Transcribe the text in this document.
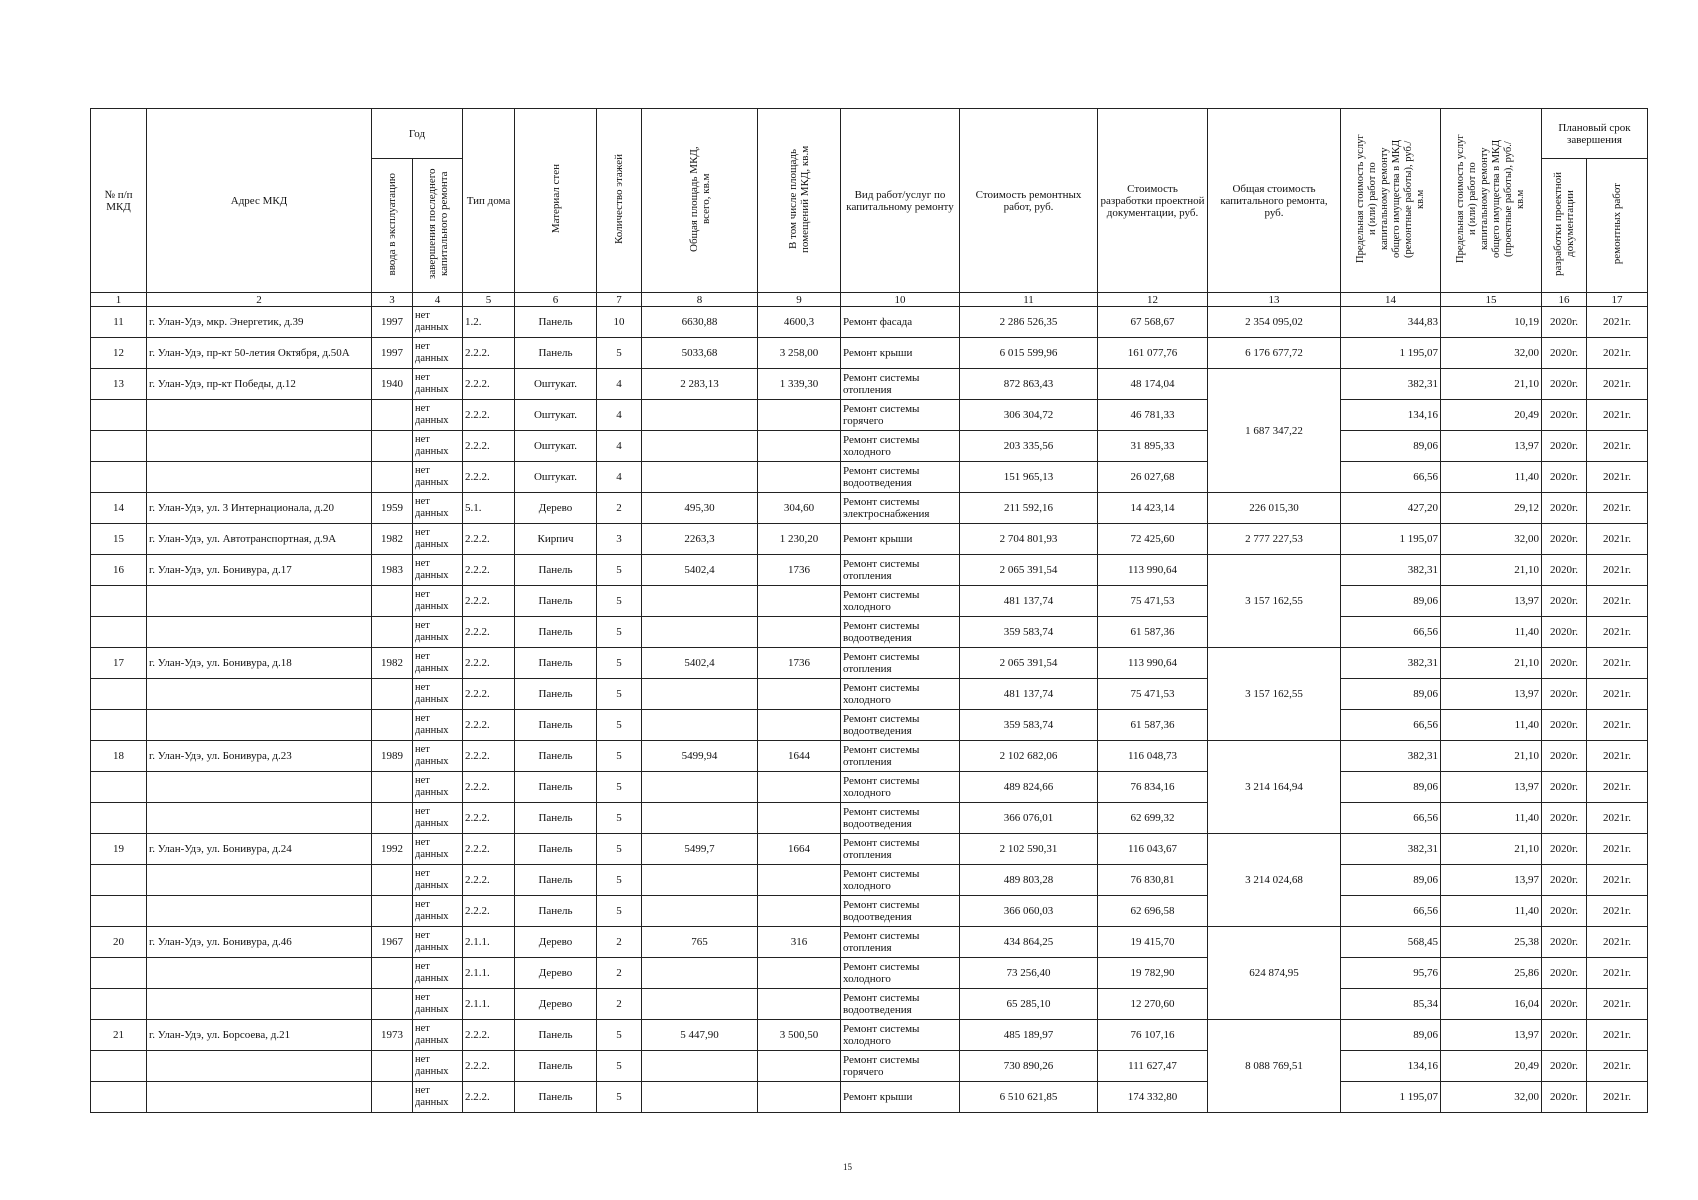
№ п/п МКД	Адрес МКД	Год		Тип дома	Материал стен	Количество этажей	Общая площадь МКД, всего, кв.м	В том числе площадь помещений МКД, кв.м	Вид работ/услуг по капитальному ремонту	Стоимость ремонтных работ, руб.	Стоимость разработки проектной документации, руб.	Общая стоимость капитального ремонта, руб.	Предельная стоимость услуг и (или) работ по капитальному ремонту общего имущества в МКД (ремонтные работы), руб./кв.м	Предельная стоимость услуг и (или) работ по капитальному ремонту общего имущества в МКД (проектные работы), руб./кв.м	Плановый срок завершения	
		ввода в эксплуатацию	завершения последнего капитального ремонта												разработки проектной документации	ремонтных работ
1	2	3	4	5	6	7	8	9	10	11	12	13	14	15	16	17
11	г. Улан-Удэ, мкр. Энергетик, д.39	1997	нет данных	1.2.	Панель	10	6630,88	4600,3	Ремонт фасада	2 286 526,35	67 568,67	2 354 095,02	344,83	10,19	2020г.	2021г.
12	г. Улан-Удэ, пр-кт 50-летия Октября, д.50А	1997	нет данных	2.2.2.	Панель	5	5033,68	3 258,00	Ремонт крыши	6 015 599,96	161 077,76	6 176 677,72	1 195,07	32,00	2020г.	2021г.
13	г. Улан-Удэ, пр-кт Победы, д.12	1940	нет данных	2.2.2.	Оштукат.	4	2 283,13	1 339,30	Ремонт системы отопления	872 863,43	48 174,04	1 687 347,22	382,31	21,10	2020г.	2021г.
			нет данных	2.2.2.	Оштукат.	4			Ремонт системы горячего	306 304,72	46 781,33		134,16	20,49	2020г.	2021г.
			нет данных	2.2.2.	Оштукат.	4			Ремонт системы холодного	203 335,56	31 895,33		89,06	13,97	2020г.	2021г.
			нет данных	2.2.2.	Оштукат.	4			Ремонт системы водоотведения	151 965,13	26 027,68		66,56	11,40	2020г.	2021г.
14	г. Улан-Удэ, ул. 3 Интернационала, д.20	1959	нет данных	5.1.	Дерево	2	495,30	304,60	Ремонт системы электроснабжения	211 592,16	14 423,14	226 015,30	427,20	29,12	2020г.	2021г.
15	г. Улан-Удэ, ул. Автотранспортная, д.9А	1982	нет данных	2.2.2.	Кирпич	3	2263,3	1 230,20	Ремонт крыши	2 704 801,93	72 425,60	2 777 227,53	1 195,07	32,00	2020г.	2021г.
16	г. Улан-Удэ, ул. Бонивура, д.17	1983	нет данных	2.2.2.	Панель	5	5402,4	1736	Ремонт системы отопления	2 065 391,54	113 990,64	3 157 162,55	382,31	21,10	2020г.	2021г.
			нет данных	2.2.2.	Панель	5			Ремонт системы холодного	481 137,74	75 471,53		89,06	13,97	2020г.	2021г.
			нет данных	2.2.2.	Панель	5			Ремонт системы водоотведения	359 583,74	61 587,36		66,56	11,40	2020г.	2021г.
17	г. Улан-Удэ, ул. Бонивура, д.18	1982	нет данных	2.2.2.	Панель	5	5402,4	1736	Ремонт системы отопления	2 065 391,54	113 990,64	3 157 162,55	382,31	21,10	2020г.	2021г.
			нет данных	2.2.2.	Панель	5			Ремонт системы холодного	481 137,74	75 471,53		89,06	13,97	2020г.	2021г.
			нет данных	2.2.2.	Панель	5			Ремонт системы водоотведения	359 583,74	61 587,36		66,56	11,40	2020г.	2021г.
18	г. Улан-Удэ, ул. Бонивура, д.23	1989	нет данных	2.2.2.	Панель	5	5499,94	1644	Ремонт системы отопления	2 102 682,06	116 048,73	3 214 164,94	382,31	21,10	2020г.	2021г.
			нет данных	2.2.2.	Панель	5			Ремонт системы холодного	489 824,66	76 834,16		89,06	13,97	2020г.	2021г.
			нет данных	2.2.2.	Панель	5			Ремонт системы водоотведения	366 076,01	62 699,32		66,56	11,40	2020г.	2021г.
19	г. Улан-Удэ, ул. Бонивура, д.24	1992	нет данных	2.2.2.	Панель	5	5499,7	1664	Ремонт системы отопления	2 102 590,31	116 043,67	3 214 024,68	382,31	21,10	2020г.	2021г.
			нет данных	2.2.2.	Панель	5			Ремонт системы холодного	489 803,28	76 830,81		89,06	13,97	2020г.	2021г.
			нет данных	2.2.2.	Панель	5			Ремонт системы водоотведения	366 060,03	62 696,58		66,56	11,40	2020г.	2021г.
20	г. Улан-Удэ, ул. Бонивура, д.46	1967	нет данных	2.1.1.	Дерево	2	765	316	Ремонт системы отопления	434 864,25	19 415,70	624 874,95	568,45	25,38	2020г.	2021г.
			нет данных	2.1.1.	Дерево	2			Ремонт системы холодного	73 256,40	19 782,90		95,76	25,86	2020г.	2021г.
			нет данных	2.1.1.	Дерево	2			Ремонт системы водоотведения	65 285,10	12 270,60		85,34	16,04	2020г.	2021г.
21	г. Улан-Удэ, ул. Борсоева, д.21	1973	нет данных	2.2.2.	Панель	5	5 447,90	3 500,50	Ремонт системы холодного	485 189,97	76 107,16	8 088 769,51	89,06	13,97	2020г.	2021г.
			нет данных	2.2.2.	Панель	5			Ремонт системы горячего	730 890,26	111 627,47		134,16	20,49	2020г.	2021г.
			нет данных	2.2.2.	Панель	5			Ремонт крыши	6 510 621,85	174 332,80		1 195,07	32,00	2020г.	2021г.
15
